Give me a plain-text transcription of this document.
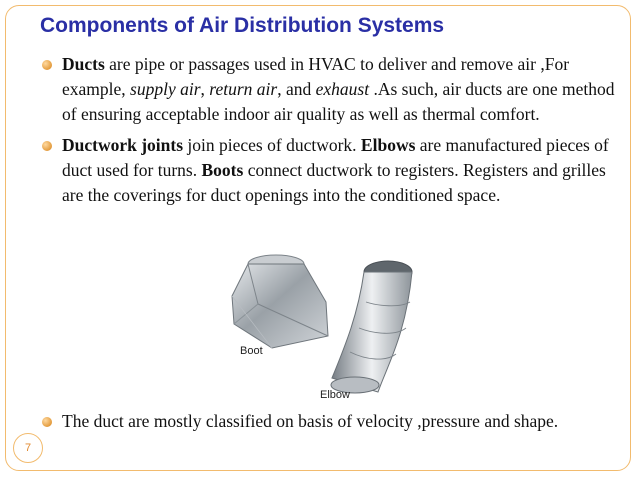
Components of Air Distribution Systems
Ducts are pipe or passages used in HVAC to deliver and remove air ,For example, supply air, return air, and exhaust .As such, air ducts are one method of ensuring acceptable indoor air quality as well as thermal comfort.
Ductwork joints join pieces of ductwork. Elbows are manufactured pieces of duct used for turns. Boots connect ductwork to registers. Registers and grilles are the coverings for duct openings into the conditioned space.
Boot
Elbow
The duct are mostly classified on basis of velocity ,pressure and shape.
7
